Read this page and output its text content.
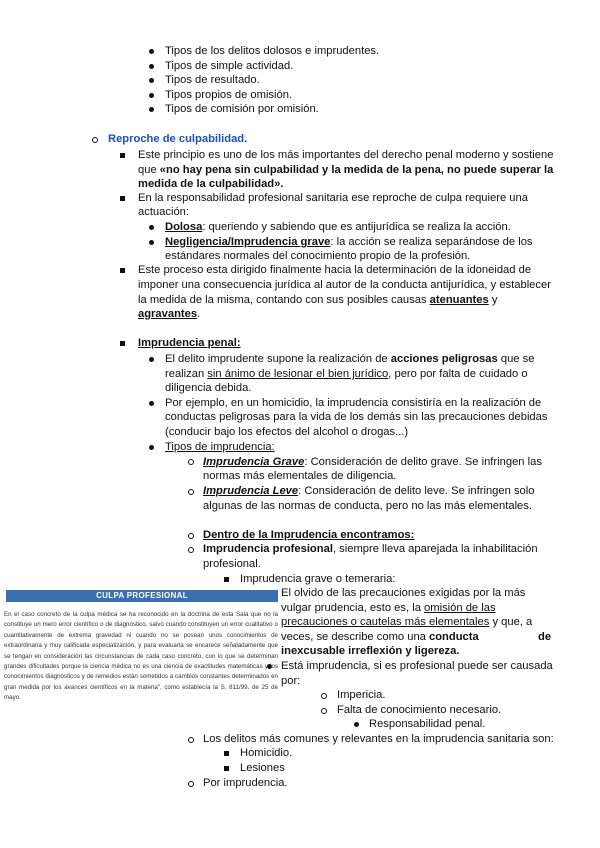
Tipos de los delitos dolosos e imprudentes.
Tipos de simple actividad.
Tipos de resultado.
Tipos propios de omisión.
Tipos de comisión por omisión.
Reproche de culpabilidad.
Este principio es uno de los más importantes del derecho penal moderno y sostiene
que «no hay pena sin culpabilidad y la medida de la pena, no puede superar la
medida de la culpabilidad».
En la responsabilidad profesional sanitaria ese reproche de culpa requiere una
actuación:
Dolosa: queriendo y sabiendo que es antijurídica se realiza la acción.
Negligencia/Imprudencia grave: la acción se realiza separándose de los
estándares normales del conocimiento propio de la profesión.
Este proceso esta dirigido finalmente hacia la determinación de la idoneidad de
imponer una consecuencia jurídica al autor de la conducta antijurídica, y establecer
la medida de la misma, contando con sus posibles causas atenuantes y
agravantes.
Imprudencia penal:
El delito imprudente supone la realización de acciones peligrosas que se
realizan sin ánimo de lesionar el bien jurídico, pero por falta de cuidado o
diligencia debida.
Por ejemplo, en un homicidio, la imprudencia consistiría en la realización de
conductas peligrosas para la vida de los demás sin las precauciones debidas
(conducir bajo los efectos del alcohol o drogas...)
Tipos de imprudencia:
Imprudencia Grave: Consideración de delito grave. Se infringen las
normas más elementales de diligencia.
Imprudencia Leve: Consideración de delito leve. Se infringen solo
algunas de las normas de conducta, pero no las más elementales.
Dentro de la Imprudencia encontramos:
Imprudencia profesional, siempre lleva aparejada la inhabilitación
profesional.
Imprudencia grave o temeraria:
El olvido de las precauciones exigidas por la más
vulgar prudencia, esto es, la omisión de las
precauciones o cautelas más elementales y que, a
veces, se describe como una conducta	de
inexcusable irreflexión y ligereza.
Está imprudencia, si es profesional puede ser causada
por:
Impericia.
Falta de conocimiento necesario.
Responsabilidad penal.
Los delitos más comunes y relevantes en la imprudencia sanitaria son:
Homicidio.
Lesiones
Por imprudencia.
CULPA PROFESIONAL
En el caso concreto de la culpa médica se ha reconocido en la doctrina de esta Sala que no la constituye un mero error científico o de diagnóstico, salvo cuando constituyen un error cualitativo o cuantitativamente de extrema gravedad ni cuando no se posean unos conocimientos de extraordinaria y muy calificada especialización, y para evaluarla se encarece señaladamente que se tengan en consideración las circunstancias de cada caso concreto, con lo que se determinan grandes dificultades porque la ciencia médica no es una ciencia de exactitudes matemáticas y los conocimientos diagnósticos y de remedios están sometidos a cambios constantes determinados en gran medida por los avances científicos en la materia", como establecía la S. 811/99, de 25 de mayo.
